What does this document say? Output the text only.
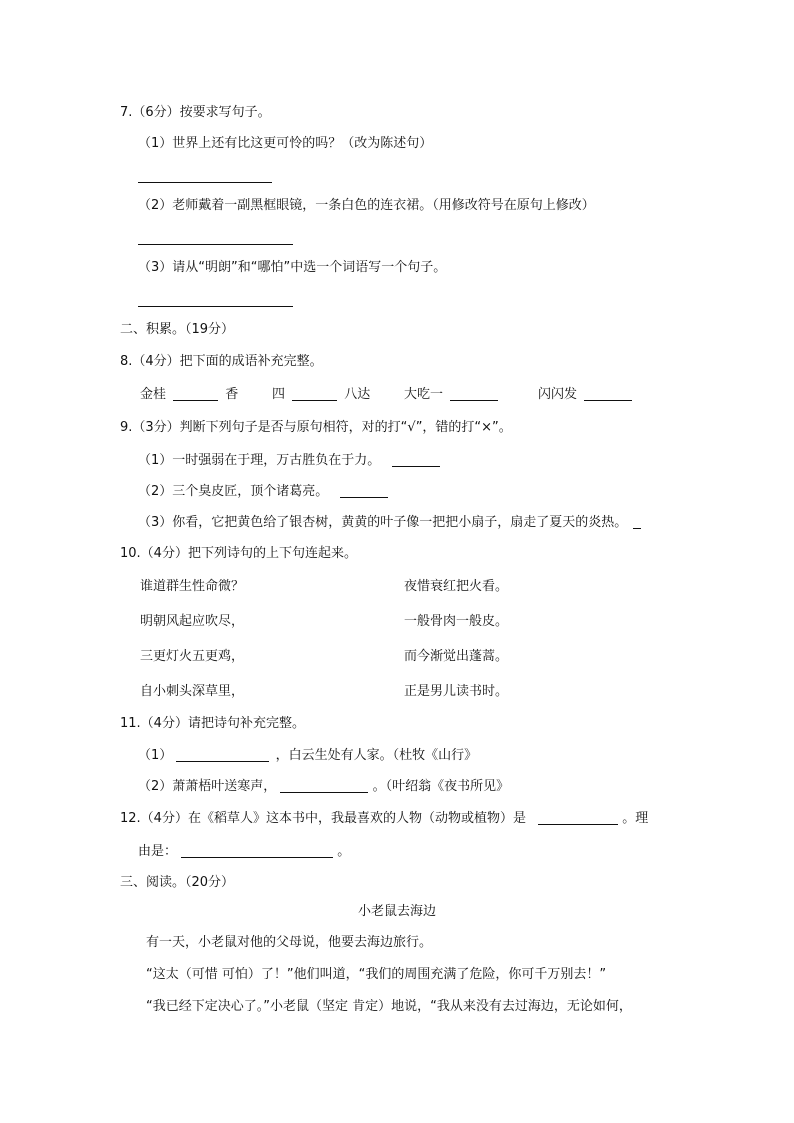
7.（6分）按要求写句子。
（1）世界上还有比这更可怜的吗？（改为陈述句）
（2）老师戴着一副黑框眼镜，一条白色的连衣裙。（用修改符号在原句上修改）
（3）请从“明朗”和“哪怕”中选一个词语写一个句子。
二、积累。（19分）
8.（4分）把下面的成语补充完整。
金桂	香	四	八达	大吃一	闪闪发
9.（3分）判断下列句子是否与原句相符，对的打“√”，错的打“×”。
（1）一时强弱在于理，万古胜负在于力。
（2）三个臭皮匠，顶个诸葛亮。
（3）你看，它把黄色给了银杏树，黄黄的叶子像一把把小扇子，扇走了夏天的炎热。
10.（4分）把下列诗句的上下句连起来。
谁道群生性命微？	夜惜衰红把火看。
明朝风起应吹尽，	一般骨肉一般皮。
三更灯火五更鸡，	而今渐觉出蓬蒿。
自小刺头深草里，	正是男儿读书时。
11.（4分）请把诗句补充完整。
（1）	，白云生处有人家。（杜牧《山行》
（2）萧萧梧叶送寒声，	。（叶绍翁《夜书所见》
12.（4分）在《稻草人》这本书中，我最喜欢的人物（动物或植物）是	。理
由是：	。
三、阅读。（20分）
小老鼠去海边
有一天，小老鼠对他的父母说，他要去海边旅行。
“这太（可惜 可怕）了！”他们叫道，“我们的周围充满了危险，你可千万别去！”
“我已经下定决心了。”小老鼠（坚定 肯定）地说，“我从来没有去过海边，无论如何，
